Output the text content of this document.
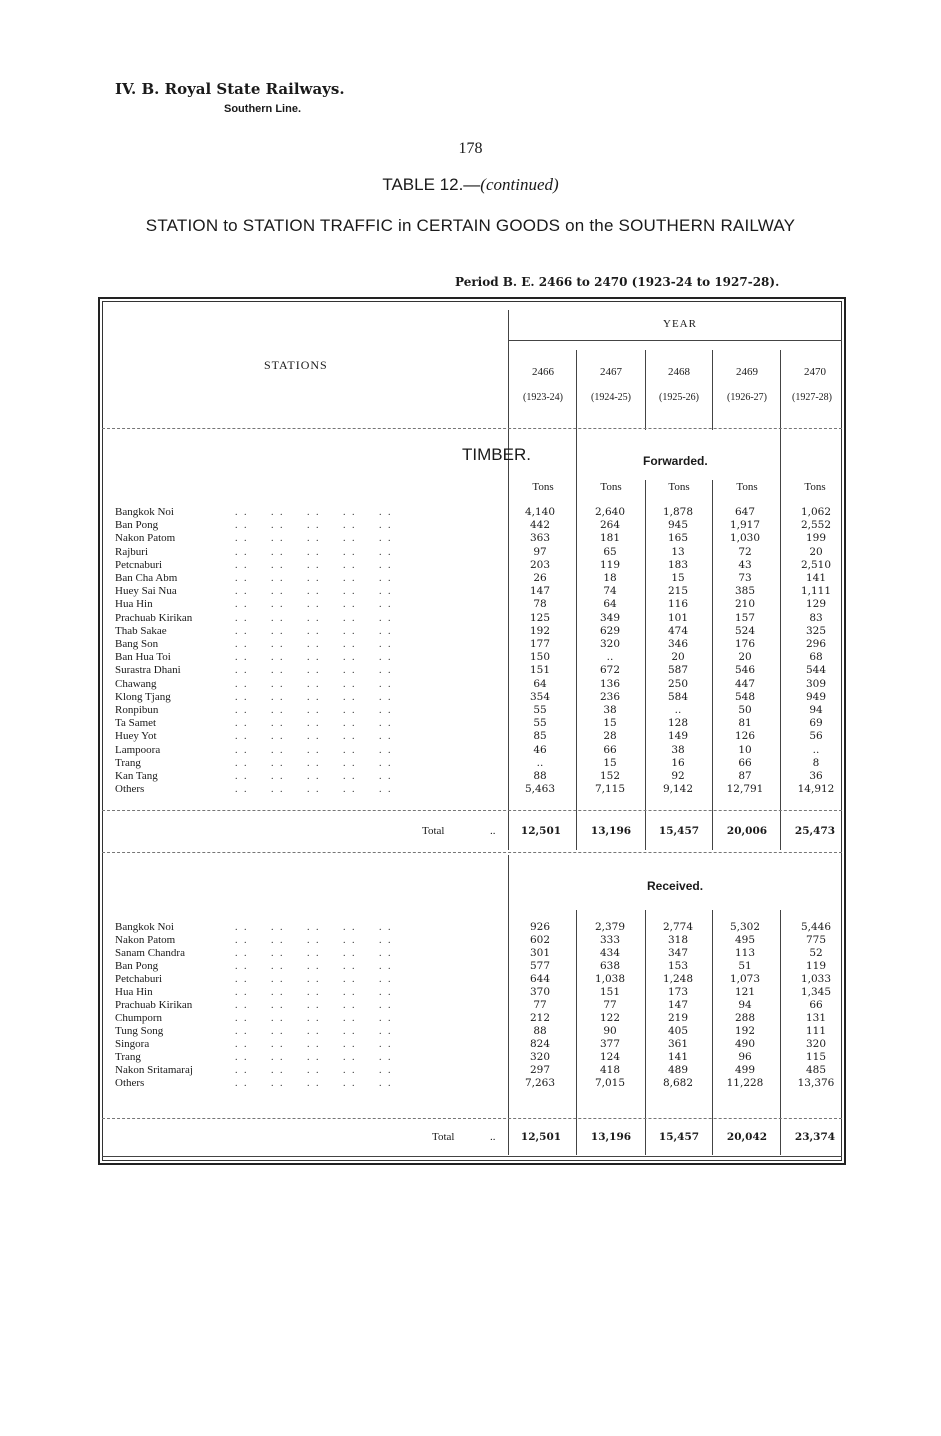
IV. B. Royal State Railways.
Southern Line.
178
TABLE 12.—(continued)
STATION to STATION TRAFFIC in CERTAIN GOODS on the SOUTHERN RAILWAY
Period B. E. 2466 to 2470 (1923-24 to 1927-28).
STATIONS
YEAR
2466	2467	2468	2469	2470
(1923-24)	(1924-25)	(1925-26)	(1926-27)	(1927-28)
TIMBER.	Forwarded.
Tons	Tons	Tons	Tons	Tons
Bangkok Noi	. .     . .     . .     . .     . .	4,140	2,640	1,878	647	1,062
Ban Pong	. .     . .     . .     . .     . .	442	264	945	1,917	2,552
Nakon Patom	. .     . .     . .     . .     . .	363	181	165	1,030	199
Rajburi	. .     . .     . .     . .     . .	97	65	13	72	20
Petcnaburi	. .     . .     . .     . .     . .	203	119	183	43	2,510
Ban Cha Abm	. .     . .     . .     . .     . .	26	18	15	73	141
Huey Sai Nua	. .     . .     . .     . .     . .	147	74	215	385	1,111
Hua Hin	. .     . .     . .     . .     . .	78	64	116	210	129
Prachuab Kirikan	. .     . .     . .     . .     . .	125	349	101	157	83
Thab Sakae	. .     . .     . .     . .     . .	192	629	474	524	325
Bang Son	. .     . .     . .     . .     . .	177	320	346	176	296
Ban Hua Toi	. .     . .     . .     . .     . .	150	..	20	20	68
Surastra Dhani	. .     . .     . .     . .     . .	151	672	587	546	544
Chawang	. .     . .     . .     . .     . .	64	136	250	447	309
Klong Tjang	. .     . .     . .     . .     . .	354	236	584	548	949
Ronpibun	. .     . .     . .     . .     . .	55	38	..	50	94
Ta Samet	. .     . .     . .     . .     . .	55	15	128	81	69
Huey Yot	. .     . .     . .     . .     . .	85	28	149	126	56
Lampoora	. .     . .     . .     . .     . .	46	66	38	10	..
Trang	. .     . .     . .     . .     . .	..	15	16	66	8
Kan Tang	. .     . .     . .     . .     . .	88	152	92	87	36
Others	. .     . .     . .     . .     . .	5,463	7,115	9,142	12,791	14,912
Total	..	12,501	13,196	15,457	20,006	25,473
Received.
Bangkok Noi	. .     . .     . .     . .     . .	926	2,379	2,774	5,302	5,446
Nakon Patom	. .     . .     . .     . .     . .	602	333	318	495	775
Sanam Chandra	. .     . .     . .     . .     . .	301	434	347	113	52
Ban Pong	. .     . .     . .     . .     . .	577	638	153	51	119
Petchaburi	. .     . .     . .     . .     . .	644	1,038	1,248	1,073	1,033
Hua Hin	. .     . .     . .     . .     . .	370	151	173	121	1,345
Prachuab Kirikan	. .     . .     . .     . .     . .	77	77	147	94	66
Chumporn	. .     . .     . .     . .     . .	212	122	219	288	131
Tung Song	. .     . .     . .     . .     . .	88	90	405	192	111
Singora	. .     . .     . .     . .     . .	824	377	361	490	320
Trang	. .     . .     . .     . .     . .	320	124	141	96	115
Nakon Sritamaraj	. .     . .     . .     . .     . .	297	418	489	499	485
Others	. .     . .     . .     . .     . .	7,263	7,015	8,682	11,228	13,376
Total	..	12,501	13,196	15,457	20,042	23,374
